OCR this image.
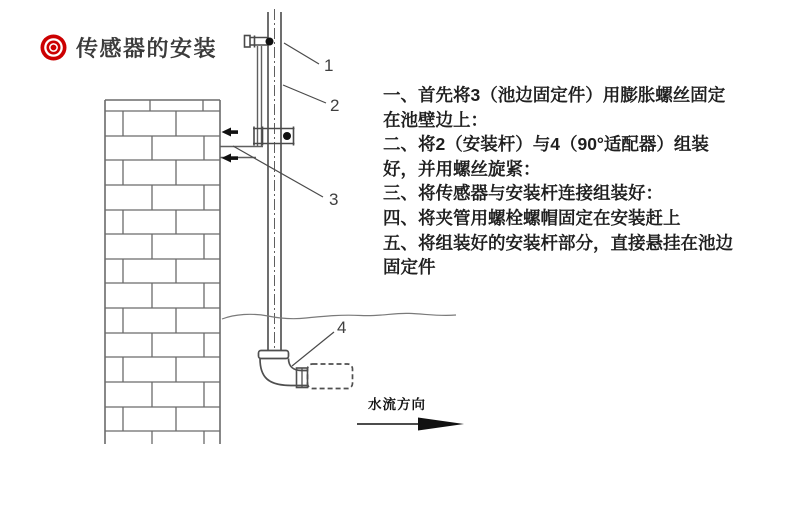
传感器的安装
1
2
3
4
水流方向
一、首先将3（池边固定件）用膨胀螺丝固定
在池壁边上：
二、将2（安装杆）与4（90°适配器）组装
好，并用螺丝旋紧：
三、将传感器与安装杆连接组装好：
四、将夹管用螺栓螺帽固定在安装赶上
五、将组装好的安装杆部分，直接悬挂在池边
固定件
